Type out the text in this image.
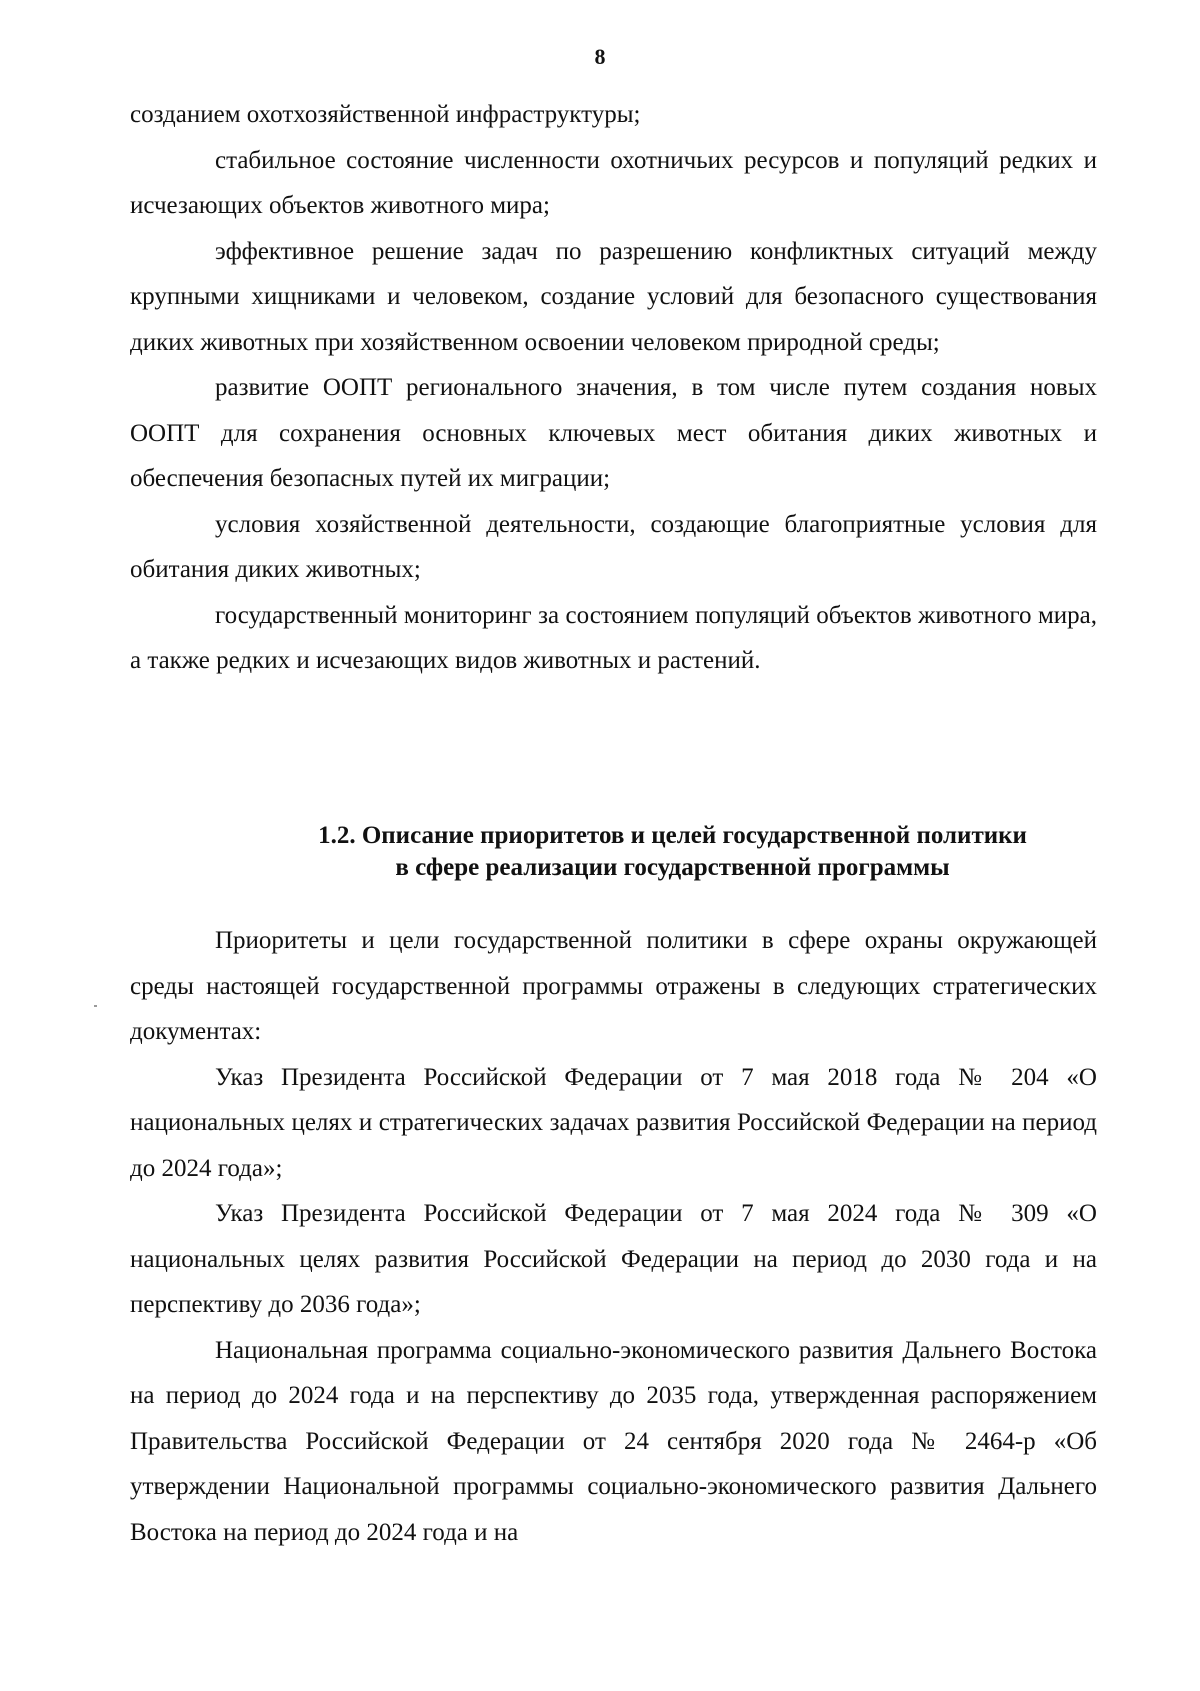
8

созданием охотхозяйственной инфраструктуры;

стабильное состояние численности охотничьих ресурсов и популяций редких и исчезающих объектов животного мира;

эффективное решение задач по разрешению конфликтных ситуаций между крупными хищниками и человеком, создание условий для безопасного существования диких животных при хозяйственном освоении человеком природной среды;

развитие ООПТ регионального значения, в том числе путем создания новых ООПТ для сохранения основных ключевых мест обитания диких животных и обеспечения безопасных путей их миграции;

условия хозяйственной деятельности, создающие благоприятные условия для обитания диких животных;

государственный мониторинг за состоянием популяций объектов животного мира, а также редких и исчезающих видов животных и растений.

1.2. Описание приоритетов и целей государственной политики
в сфере реализации государственной программы

Приоритеты и цели государственной политики в сфере охраны окружающей среды настоящей государственной программы отражены в следующих стратегических документах:

Указ Президента Российской Федерации от 7 мая 2018 года № 204 «О национальных целях и стратегических задачах развития Российской Федерации на период до 2024 года»;

Указ Президента Российской Федерации от 7 мая 2024 года № 309 «О национальных целях развития Российской Федерации на период до 2030 года и на перспективу до 2036 года»;

Национальная программа социально-экономического развития Дальнего Востока на период до 2024 года и на перспективу до 2035 года, утвержденная распоряжением Правительства Российской Федерации от 24 сентября 2020 года № 2464-р «Об утверждении Национальной программы социально-экономического развития Дальнего Востока на период до 2024 года и на
